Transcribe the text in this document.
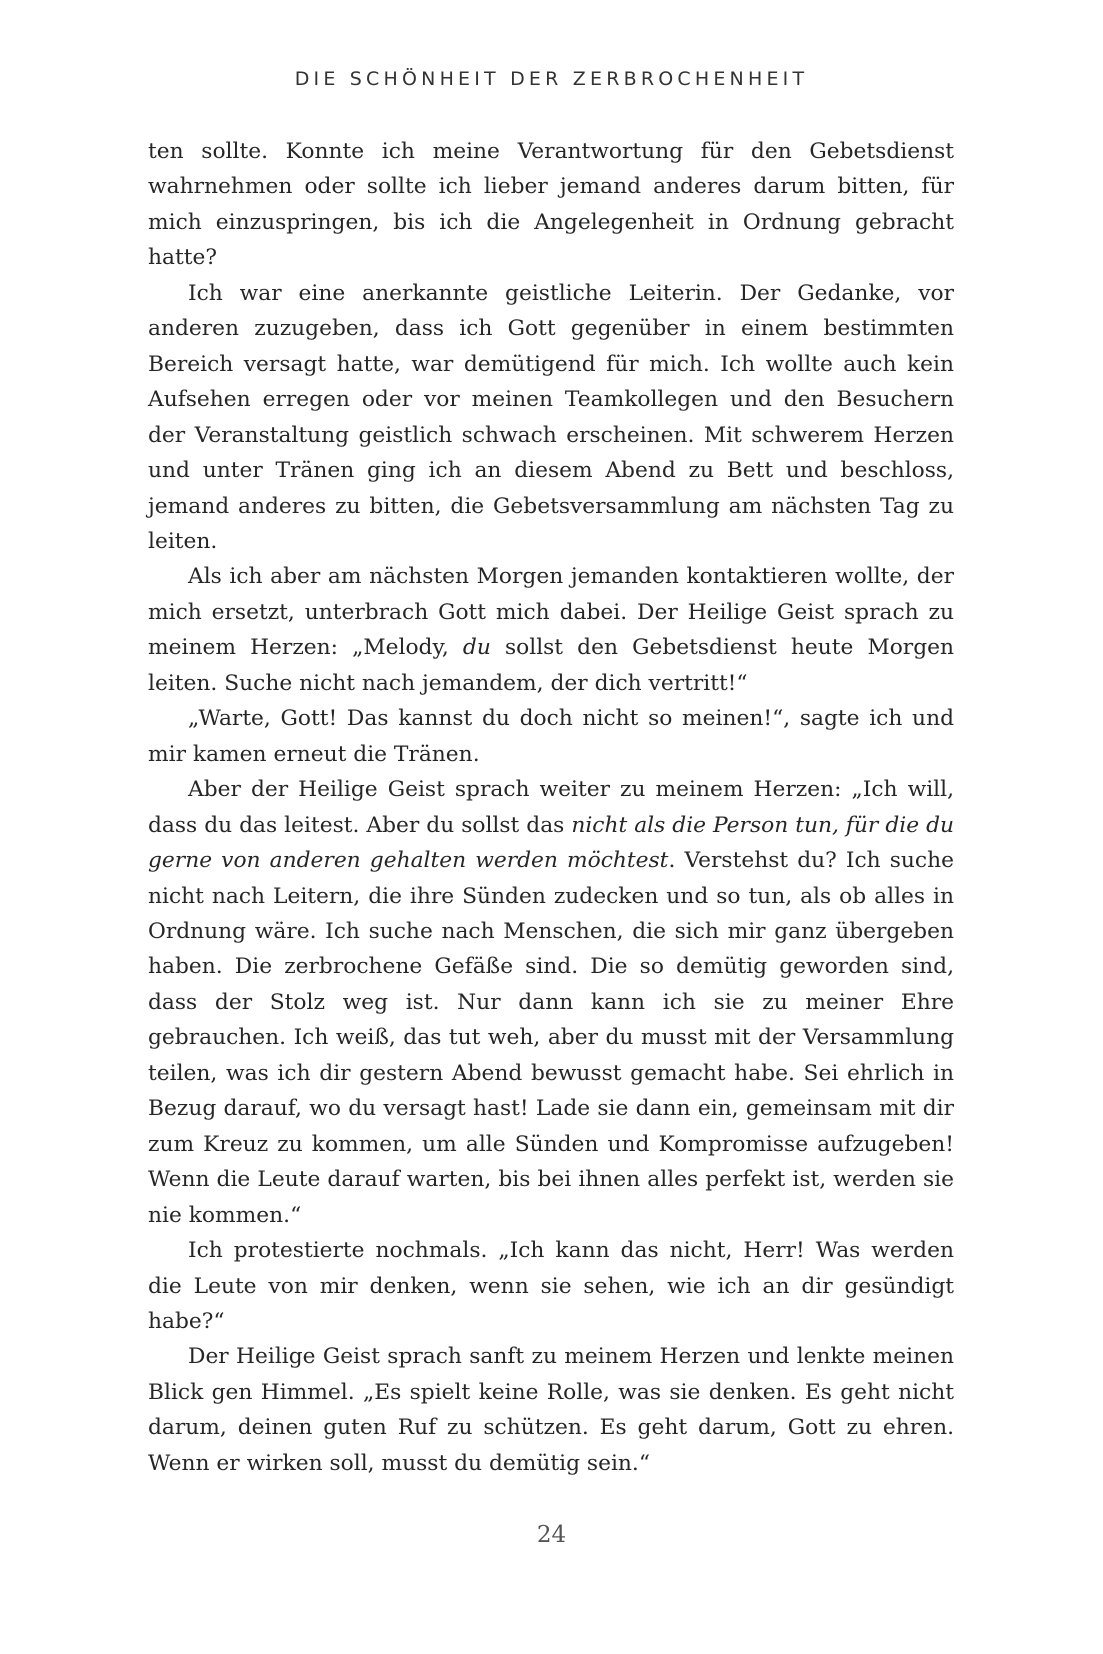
DIE SCHÖNHEIT DER ZERBROCHENHEIT

ten sollte. Konnte ich meine Verantwortung für den Gebetsdienst wahrnehmen oder sollte ich lieber jemand anderes darum bitten, für mich einzuspringen, bis ich die Angelegenheit in Ordnung gebracht hatte?

Ich war eine anerkannte geistliche Leiterin. Der Gedanke, vor anderen zuzugeben, dass ich Gott gegenüber in einem bestimmten Bereich versagt hatte, war demütigend für mich. Ich wollte auch kein Aufsehen erregen oder vor meinen Teamkollegen und den Besuchern der Veranstaltung geistlich schwach erscheinen. Mit schwerem Herzen und unter Tränen ging ich an diesem Abend zu Bett und beschloss, jemand anderes zu bitten, die Gebetsversammlung am nächsten Tag zu leiten.

Als ich aber am nächsten Morgen jemanden kontaktieren wollte, der mich ersetzt, unterbrach Gott mich dabei. Der Heilige Geist sprach zu meinem Herzen: „Melody, du sollst den Gebetsdienst heute Morgen leiten. Suche nicht nach jemandem, der dich vertritt!“

„Warte, Gott! Das kannst du doch nicht so meinen!“, sagte ich und mir kamen erneut die Tränen.

Aber der Heilige Geist sprach weiter zu meinem Herzen: „Ich will, dass du das leitest. Aber du sollst das nicht als die Person tun, für die du gerne von anderen gehalten werden möchtest. Verstehst du? Ich suche nicht nach Leitern, die ihre Sünden zudecken und so tun, als ob alles in Ordnung wäre. Ich suche nach Menschen, die sich mir ganz übergeben haben. Die zerbrochene Gefäße sind. Die so demütig geworden sind, dass der Stolz weg ist. Nur dann kann ich sie zu meiner Ehre gebrauchen. Ich weiß, das tut weh, aber du musst mit der Versammlung teilen, was ich dir gestern Abend bewusst gemacht habe. Sei ehrlich in Bezug darauf, wo du versagt hast! Lade sie dann ein, gemeinsam mit dir zum Kreuz zu kommen, um alle Sünden und Kompromisse aufzugeben! Wenn die Leute darauf warten, bis bei ihnen alles perfekt ist, werden sie nie kommen.“

Ich protestierte nochmals. „Ich kann das nicht, Herr! Was werden die Leute von mir denken, wenn sie sehen, wie ich an dir gesündigt habe?“

Der Heilige Geist sprach sanft zu meinem Herzen und lenkte meinen Blick gen Himmel. „Es spielt keine Rolle, was sie denken. Es geht nicht darum, deinen guten Ruf zu schützen. Es geht darum, Gott zu ehren. Wenn er wirken soll, musst du demütig sein.“

24
